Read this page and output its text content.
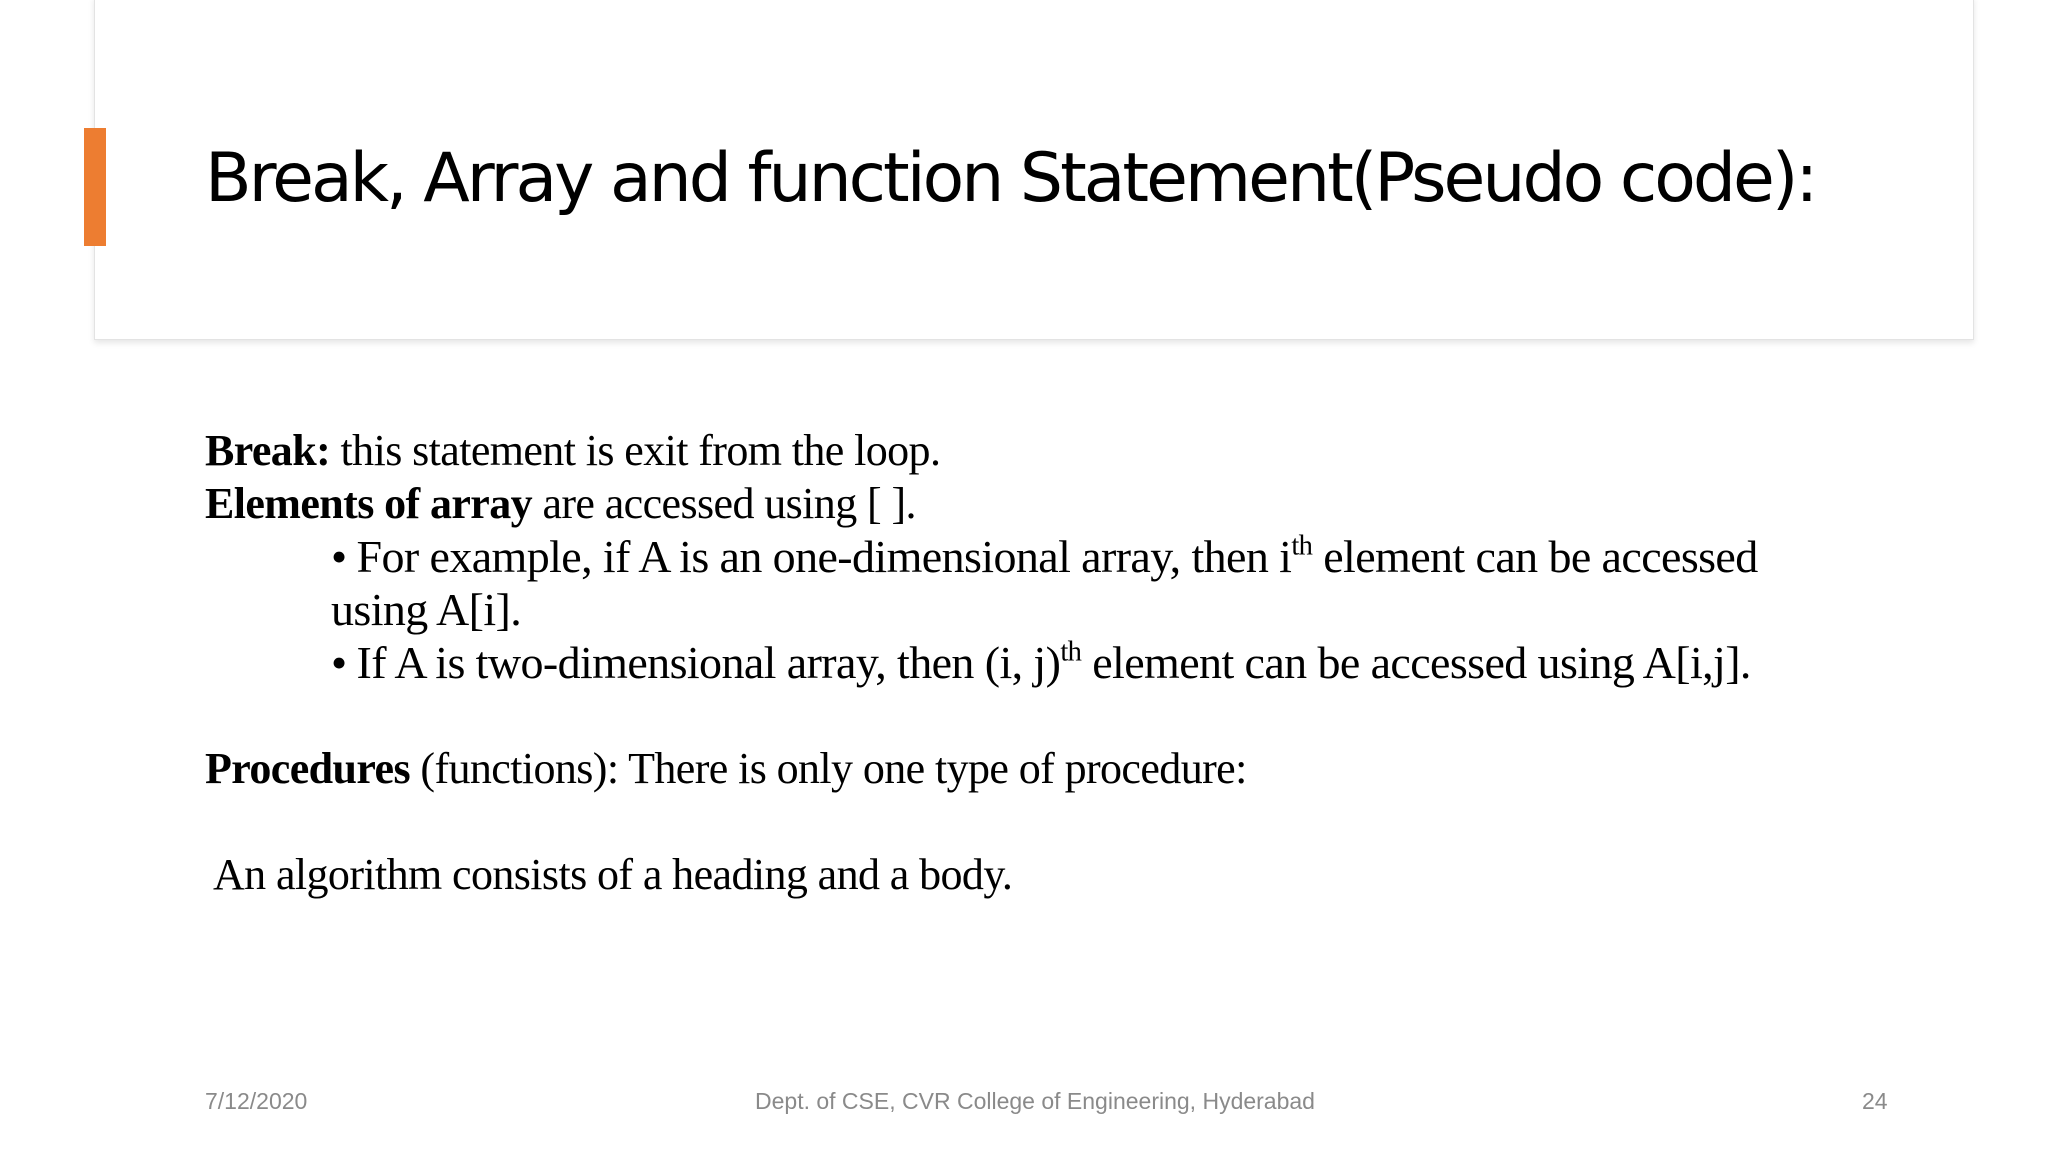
Break, Array and function Statement(Pseudo code):
Break: this statement is exit from the loop.
Elements of array are accessed using [ ].
• For example, if A is an one-dimensional array, then $i^{th}$ element can be accessed
using A[i].
• If A is two-dimensional array, then (i, j)$^{th}$ element can be accessed using A[i,j].
Procedures (functions): There is only one type of procedure:
An algorithm consists of a heading and a body.
7/12/2020	Dept. of CSE, CVR College of Engineering, Hyderabad	24
